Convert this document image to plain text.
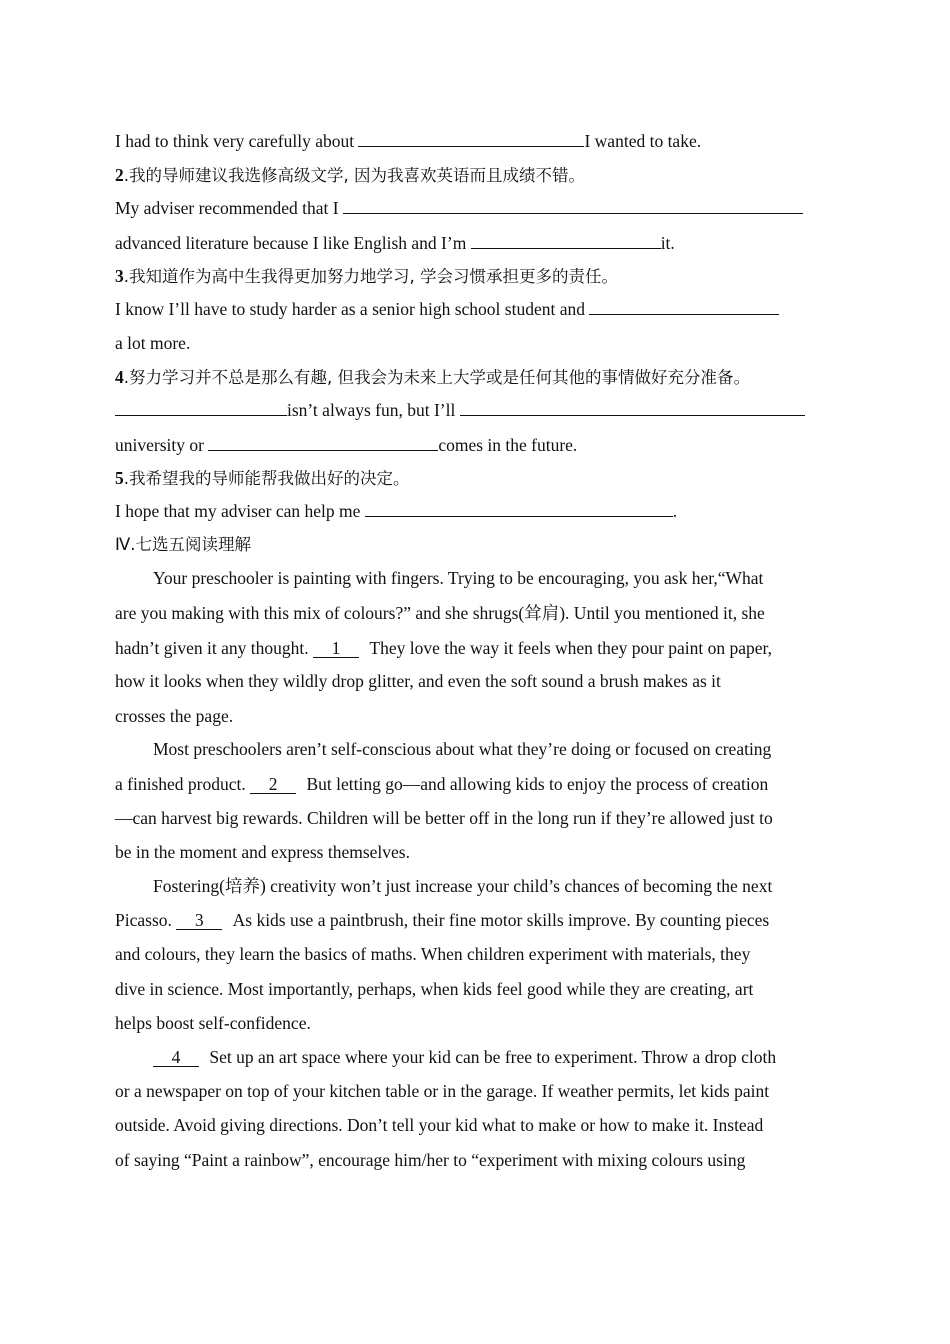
I had to think very carefully about	I wanted to take.
2.我的导师建议我选修高级文学, 因为我喜欢英语而且成绩不错。
My adviser recommended that I
advanced literature because I like English and I’m	it.
3.我知道作为高中生我得更加努力地学习, 学会习惯承担更多的责任。
I know I’ll have to study harder as a senior high school student and
a lot more.
4.努力学习并不总是那么有趣, 但我会为未来上大学或是任何其他的事情做好充分准备。
isn’t always fun, but I’ll
university or	comes in the future.
5.我希望我的导师能帮我做出好的决定。
I hope that my adviser can help me	.
Ⅳ.七选五阅读理解
Your preschooler is painting with fingers. Trying to be encouraging, you ask her,“What
are you making with this mix of colours?” and she shrugs(耸肩). Until you mentioned it, she
hadn’t given it any thought. 1 They love the way it feels when they pour paint on paper,
how it looks when they wildly drop glitter, and even the soft sound a brush makes as it
crosses the page.
Most preschoolers aren’t self-conscious about what they’re doing or focused on creating
a finished product. 2 But letting go—and allowing kids to enjoy the process of creation
—can harvest big rewards. Children will be better off in the long run if they’re allowed just to
be in the moment and express themselves.
Fostering(培养) creativity won’t just increase your child’s chances of becoming the next
Picasso. 3 As kids use a paintbrush, their fine motor skills improve. By counting pieces
and colours, they learn the basics of maths. When children experiment with materials, they
dive in science. Most importantly, perhaps, when kids feel good while they are creating, art
helps boost self-confidence.
4 Set up an art space where your kid can be free to experiment. Throw a drop cloth
or a newspaper on top of your kitchen table or in the garage. If weather permits, let kids paint
outside. Avoid giving directions. Don’t tell your kid what to make or how to make it. Instead
of saying “Paint a rainbow”, encourage him/her to “experiment with mixing colours using
